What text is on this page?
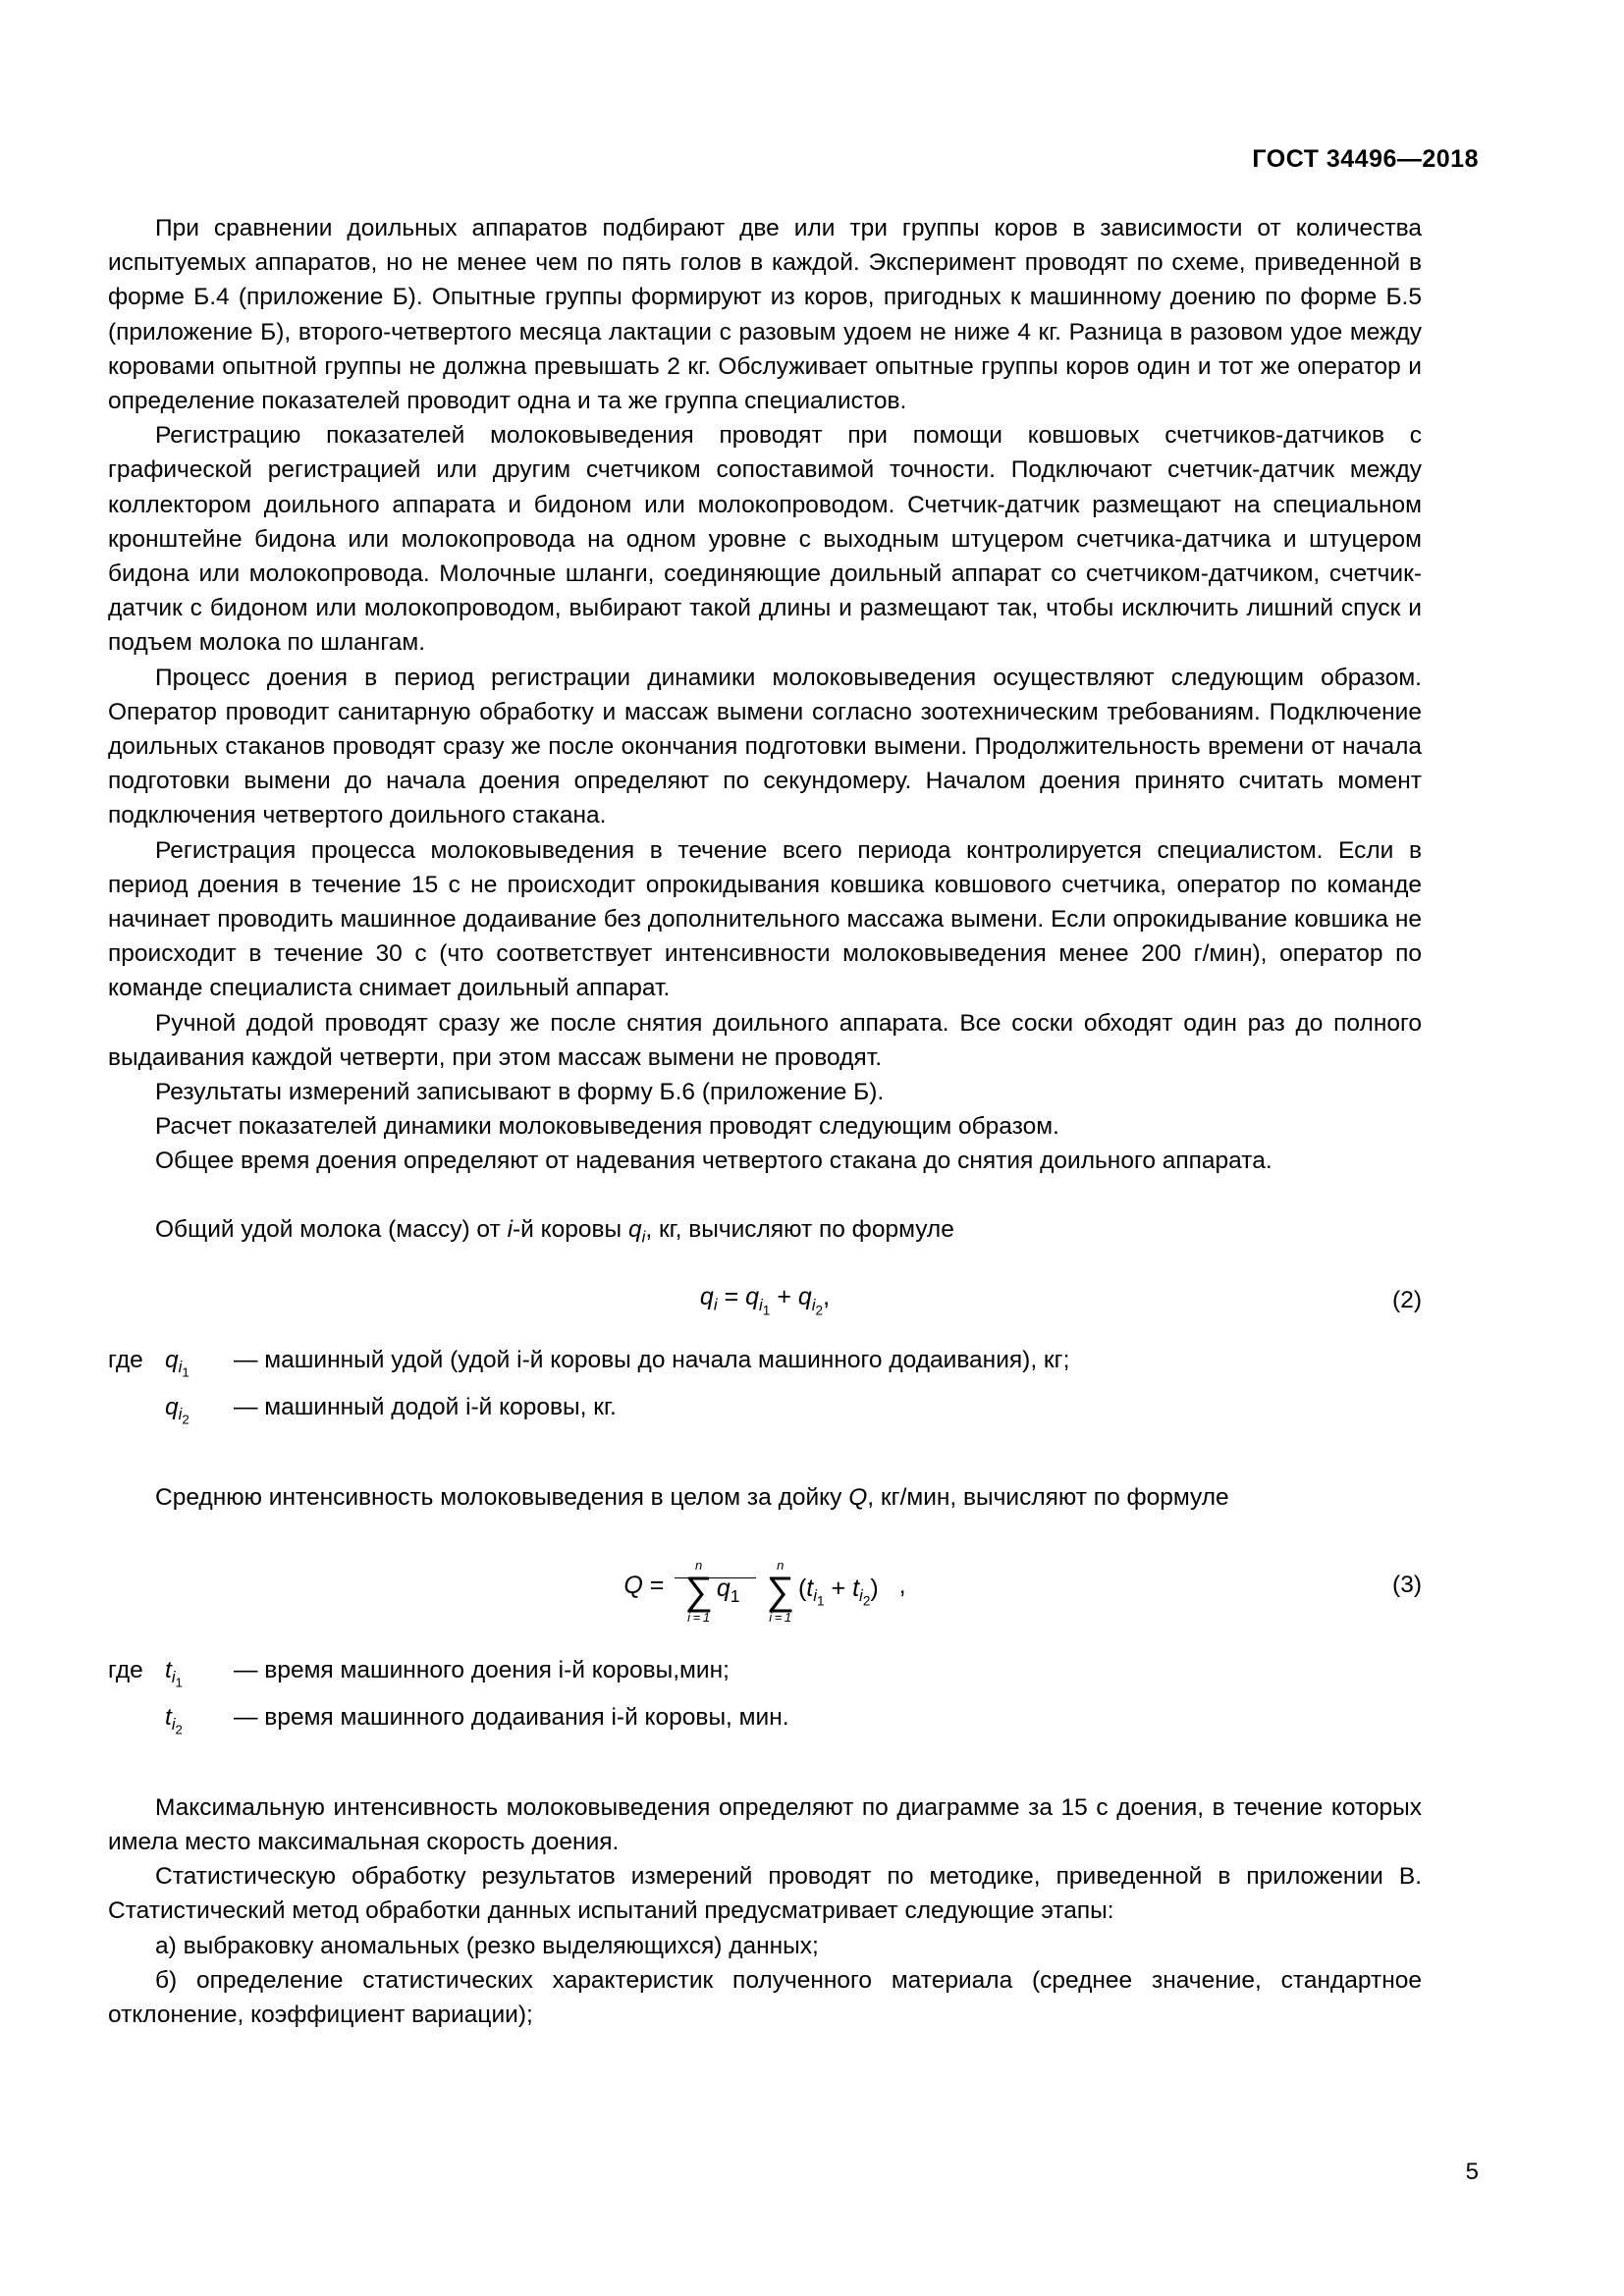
ГОСТ 34496—2018

При сравнении доильных аппаратов подбирают две или три группы коров в зависимости от количества испытуемых аппаратов, но не менее чем по пять голов в каждой. Эксперимент проводят по схеме, приведенной в форме Б.4 (приложение Б). Опытные группы формируют из коров, пригодных к машинному доению по форме Б.5 (приложение Б), второго-четвертого месяца лактации с разовым удоем не ниже 4 кг. Разница в разовом удое между коровами опытной группы не должна превышать 2 кг. Обслуживает опытные группы коров один и тот же оператор и определение показателей проводит одна и та же группа специалистов.

Регистрацию показателей молоковыведения проводят при помощи ковшовых счетчиков-датчиков с графической регистрацией или другим счетчиком сопоставимой точности. Подключают счетчик-датчик между коллектором доильного аппарата и бидоном или молокопроводом. Счетчик-датчик размещают на специальном кронштейне бидона или молокопровода на одном уровне с выходным штуцером счетчика-датчика и штуцером бидона или молокопровода. Молочные шланги, соединяющие доильный аппарат со счетчиком-датчиком, счетчик-датчик с бидоном или молокопроводом, выбирают такой длины и размещают так, чтобы исключить лишний спуск и подъем молока по шлангам.

Процесс доения в период регистрации динамики молоковыведения осуществляют следующим образом. Оператор проводит санитарную обработку и массаж вымени согласно зоотехническим требованиям. Подключение доильных стаканов проводят сразу же после окончания подготовки вымени. Продолжительность времени от начала подготовки вымени до начала доения определяют по секундомеру. Началом доения принято считать момент подключения четвертого доильного стакана.

Регистрация процесса молоковыведения в течение всего периода контролируется специалистом. Если в период доения в течение 15 с не происходит опрокидывания ковшика ковшового счетчика, оператор по команде начинает проводить машинное додаивание без дополнительного массажа вымени. Если опрокидывание ковшика не происходит в течение 30 с (что соответствует интенсивности молоковыведения менее 200 г/мин), оператор по команде специалиста снимает доильный аппарат.

Ручной додой проводят сразу же после снятия доильного аппарата. Все соски обходят один раз до полного выдаивания каждой четверти, при этом массаж вымени не проводят.

Результаты измерений записывают в форму Б.6 (приложение Б).

Расчет показателей динамики молоковыведения проводят следующим образом.

Общее время доения определяют от надевания четвертого стакана до снятия доильного аппарата.

Общий удой молока (массу) от i-й коровы $q_i$, кг, вычисляют по формуле

$q_i = q_{i_1} + q_{i_2}$,	(2)
где $q_{i_1}$	— машинный удой (удой i-й коровы до начала машинного додаивания), кг;
$q_{i_2}$	— машинный додой i-й коровы, кг.

Среднюю интенсивность молоковыведения в целом за дойку Q, кг/мин, вычисляют по формуле

Q =
n
∑
i = 1
$q_1$

n
∑
i = 1
$(t_{i_1} + t_{i_2})$ ,	(3)
где $t_{i_1}$	— время машинного доения i-й коровы,мин;
$t_{i_2}$	— время машинного додаивания i-й коровы, мин.

Максимальную интенсивность молоковыведения определяют по диаграмме за 15 с доения, в течение которых имела место максимальная скорость доения.

Статистическую обработку результатов измерений проводят по методике, приведенной в приложении В. Статистический метод обработки данных испытаний предусматривает следующие этапы:

а) выбраковку аномальных (резко выделяющихся) данных;

б) определение статистических характеристик полученного материала (среднее значение, стандартное отклонение, коэффициент вариации);

5
